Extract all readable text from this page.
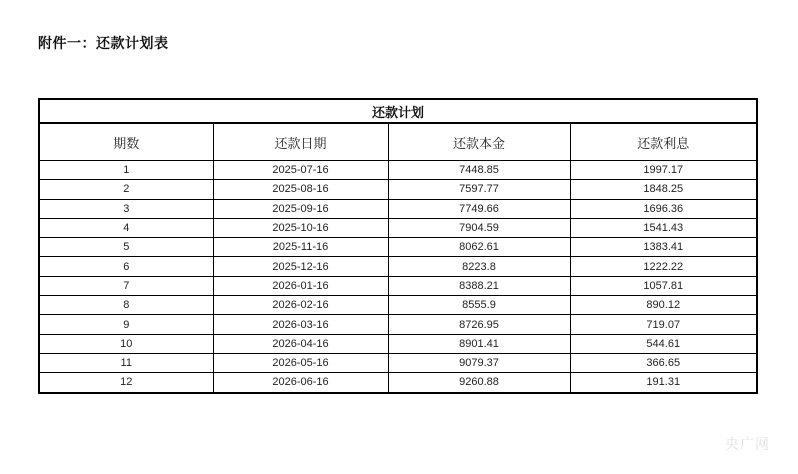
附件一：还款计划表
还款计划			
期数	还款日期	还款本金	还款利息
1	2025-07-16	7448.85	1997.17
2	2025-08-16	7597.77	1848.25
3	2025-09-16	7749.66	1696.36
4	2025-10-16	7904.59	1541.43
5	2025-11-16	8062.61	1383.41
6	2025-12-16	8223.8	1222.22
7	2026-01-16	8388.21	1057.81
8	2026-02-16	8555.9	890.12
9	2026-03-16	8726.95	719.07
10	2026-04-16	8901.41	544.61
11	2026-05-16	9079.37	366.65
12	2026-06-16	9260.88	191.31
央广网
